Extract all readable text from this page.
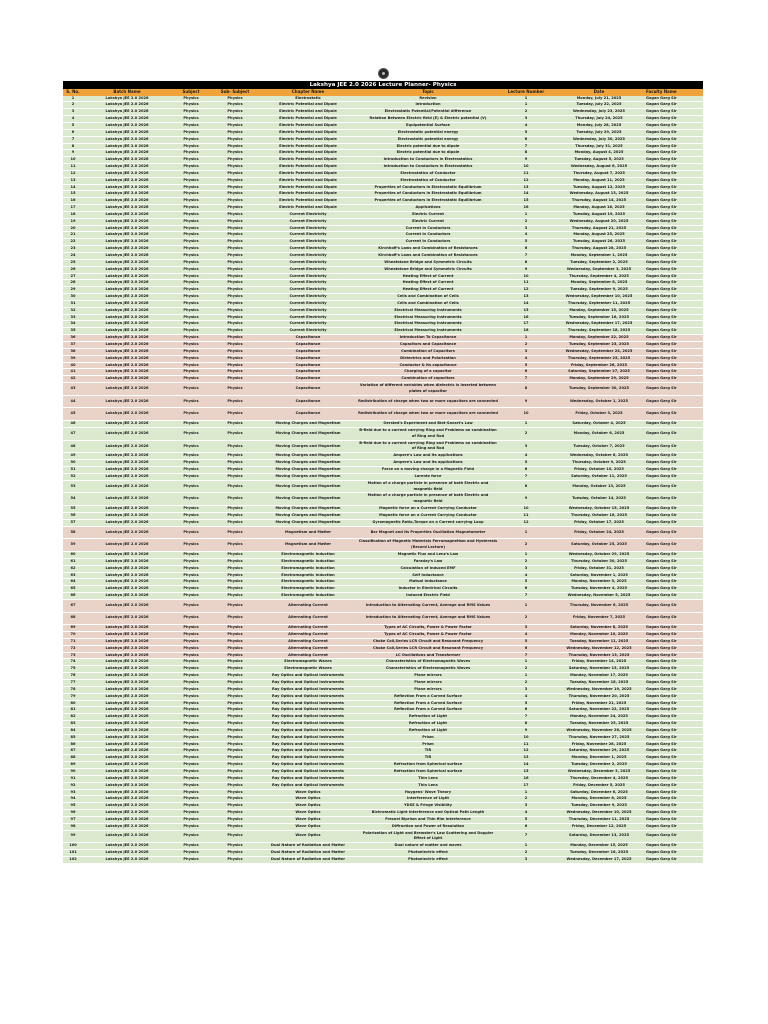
Lakshya JEE 2.0 2026 Lecture Planner- Physics
S. No.	Batch Name	Subject	Sub- Subject	Chapter Name	Topic	Lecture Number	Date	Faculty Name
1	Lakshya JEE 2.0 2026	Physics	Physics	Electrostatic	Revision	1	Monday, July 21, 2025	Gagan Garg Sir
2	Lakshya JEE 2.0 2026	Physics	Physics	Electric Potential and Dipole	Introduction	1	Tuesday, July 22, 2025	Gagan Garg Sir
3	Lakshya JEE 2.0 2026	Physics	Physics	Electric Potential and Dipole	Electrostatic Potential/Potential difference	2	Wednesday, July 23, 2025	Gagan Garg Sir
4	Lakshya JEE 2.0 2026	Physics	Physics	Electric Potential and Dipole	Relation Between Electric field (E) & Electric potential (V)	3	Thursday, July 24, 2025	Gagan Garg Sir
5	Lakshya JEE 2.0 2026	Physics	Physics	Electric Potential and Dipole	Equipotential Surface	4	Monday, July 28, 2025	Gagan Garg Sir
6	Lakshya JEE 2.0 2026	Physics	Physics	Electric Potential and Dipole	Electrostatic potential energy	5	Tuesday, July 29, 2025	Gagan Garg Sir
7	Lakshya JEE 2.0 2026	Physics	Physics	Electric Potential and Dipole	Electrostatic potential energy	6	Wednesday, July 30, 2025	Gagan Garg Sir
8	Lakshya JEE 2.0 2026	Physics	Physics	Electric Potential and Dipole	Electric potential due to dipole	7	Thursday, July 31, 2025	Gagan Garg Sir
9	Lakshya JEE 2.0 2026	Physics	Physics	Electric Potential and Dipole	Electric potential due to dipole	8	Monday, August 4, 2025	Gagan Garg Sir
10	Lakshya JEE 2.0 2026	Physics	Physics	Electric Potential and Dipole	Introduction to Conductors in Electrostatics	9	Tuesday, August 5, 2025	Gagan Garg Sir
11	Lakshya JEE 2.0 2026	Physics	Physics	Electric Potential and Dipole	Introduction to Conductors in Electrostatics	10	Wednesday, August 6, 2025	Gagan Garg Sir
12	Lakshya JEE 2.0 2026	Physics	Physics	Electric Potential and Dipole	Electrostatics of Conductor	11	Thursday, August 7, 2025	Gagan Garg Sir
13	Lakshya JEE 2.0 2026	Physics	Physics	Electric Potential and Dipole	Electrostatics of Conductor	12	Monday, August 11, 2025	Gagan Garg Sir
14	Lakshya JEE 2.0 2026	Physics	Physics	Electric Potential and Dipole	Properties of Conductors in Electrostatic Equilibrium	13	Tuesday, August 12, 2025	Gagan Garg Sir
15	Lakshya JEE 2.0 2026	Physics	Physics	Electric Potential and Dipole	Properties of Conductors in Electrostatic Equilibrium	14	Wednesday, August 13, 2025	Gagan Garg Sir
16	Lakshya JEE 2.0 2026	Physics	Physics	Electric Potential and Dipole	Properties of Conductors in Electrostatic Equilibrium	15	Thursday, August 14, 2025	Gagan Garg Sir
17	Lakshya JEE 2.0 2026	Physics	Physics	Electric Potential and Dipole	Applications	16	Monday, August 18, 2025	Gagan Garg Sir
18	Lakshya JEE 2.0 2026	Physics	Physics	Current Electricity	Electric Current	1	Tuesday, August 19, 2025	Gagan Garg Sir
19	Lakshya JEE 2.0 2026	Physics	Physics	Current Electricity	Electric Current	2	Wednesday, August 20, 2025	Gagan Garg Sir
20	Lakshya JEE 2.0 2026	Physics	Physics	Current Electricity	Current in Conductors	3	Thursday, August 21, 2025	Gagan Garg Sir
21	Lakshya JEE 2.0 2026	Physics	Physics	Current Electricity	Current in Conductors	4	Monday, August 25, 2025	Gagan Garg Sir
22	Lakshya JEE 2.0 2026	Physics	Physics	Current Electricity	Current in Conductors	5	Tuesday, August 26, 2025	Gagan Garg Sir
23	Lakshya JEE 2.0 2026	Physics	Physics	Current Electricity	Kirchhoff's Laws and Combination of Resistances	6	Thursday, August 28, 2025	Gagan Garg Sir
24	Lakshya JEE 2.0 2026	Physics	Physics	Current Electricity	Kirchhoff's Laws and Combination of Resistances	7	Monday, September 1, 2025	Gagan Garg Sir
25	Lakshya JEE 2.0 2026	Physics	Physics	Current Electricity	Wheatstone Bridge and Symmetric Circuits	8	Tuesday, September 2, 2025	Gagan Garg Sir
26	Lakshya JEE 2.0 2026	Physics	Physics	Current Electricity	Wheatstone Bridge and Symmetric Circuits	9	Wednesday, September 3, 2025	Gagan Garg Sir
27	Lakshya JEE 2.0 2026	Physics	Physics	Current Electricity	Heating Effect of Current	10	Thursday, September 4, 2025	Gagan Garg Sir
28	Lakshya JEE 2.0 2026	Physics	Physics	Current Electricity	Heating Effect of Current	11	Monday, September 8, 2025	Gagan Garg Sir
29	Lakshya JEE 2.0 2026	Physics	Physics	Current Electricity	Heating Effect of Current	12	Tuesday, September 9, 2025	Gagan Garg Sir
30	Lakshya JEE 2.0 2026	Physics	Physics	Current Electricity	Cells and Combination of Cells	13	Wednesday, September 10, 2025	Gagan Garg Sir
31	Lakshya JEE 2.0 2026	Physics	Physics	Current Electricity	Cells and Combination of Cells	14	Thursday, September 11, 2025	Gagan Garg Sir
32	Lakshya JEE 2.0 2026	Physics	Physics	Current Electricity	Electrical Measuring Instruments	15	Monday, September 15, 2025	Gagan Garg Sir
33	Lakshya JEE 2.0 2026	Physics	Physics	Current Electricity	Electrical Measuring Instruments	16	Tuesday, September 16, 2025	Gagan Garg Sir
34	Lakshya JEE 2.0 2026	Physics	Physics	Current Electricity	Electrical Measuring Instruments	17	Wednesday, September 17, 2025	Gagan Garg Sir
35	Lakshya JEE 2.0 2026	Physics	Physics	Current Electricity	Electrical Measuring Instruments	18	Thursday, September 18, 2025	Gagan Garg Sir
36	Lakshya JEE 2.0 2026	Physics	Physics	Capacitance	Introduction To Capacitance	1	Monday, September 22, 2025	Gagan Garg Sir
37	Lakshya JEE 2.0 2026	Physics	Physics	Capacitance	Capacitors and Capacitance	2	Tuesday, September 23, 2025	Gagan Garg Sir
38	Lakshya JEE 2.0 2026	Physics	Physics	Capacitance	Combination of Capacitors	3	Wednesday, September 24, 2025	Gagan Garg Sir
39	Lakshya JEE 2.0 2026	Physics	Physics	Capacitance	Dielectrics and Polarization	4	Thursday, September 25, 2025	Gagan Garg Sir
40	Lakshya JEE 2.0 2026	Physics	Physics	Capacitance	Conductor & its capacitance	5	Friday, September 26, 2025	Gagan Garg Sir
41	Lakshya JEE 2.0 2026	Physics	Physics	Capacitance	Charging of a capacitor	6	Saturday, September 27, 2025	Gagan Garg Sir
42	Lakshya JEE 2.0 2026	Physics	Physics	Capacitance	Combination of capacitors	7	Monday, September 29, 2025	Gagan Garg Sir
43	Lakshya JEE 2.0 2026	Physics	Physics	Capacitance	Variation of different variables when dielectric is inserted between plates of capacitor	8	Tuesday, September 30, 2025	Gagan Garg Sir
44	Lakshya JEE 2.0 2026	Physics	Physics	Capacitance	Redistribution of charge when two or more capacitors are connected	9	Wednesday, October 1, 2025	Gagan Garg Sir
45	Lakshya JEE 2.0 2026	Physics	Physics	Capacitance	Redistribution of charge when two or more capacitors are connected	10	Friday, October 3, 2025	Gagan Garg Sir
46	Lakshya JEE 2.0 2026	Physics	Physics	Moving Charges and Magnetism	Oersted's Experiment and Biot-Savart's Law	1	Saturday, October 4, 2025	Gagan Garg Sir
47	Lakshya JEE 2.0 2026	Physics	Physics	Moving Charges and Magnetism	B-field due to a current carrying Ring and Problems on combination of Ring and Rod	2	Monday, October 6, 2025	Gagan Garg Sir
48	Lakshya JEE 2.0 2026	Physics	Physics	Moving Charges and Magnetism	B-field due to a current carrying Ring and Problems on combination of Ring and Rod	3	Tuesday, October 7, 2025	Gagan Garg Sir
49	Lakshya JEE 2.0 2026	Physics	Physics	Moving Charges and Magnetism	Ampere's Law and its applications	4	Wednesday, October 8, 2025	Gagan Garg Sir
50	Lakshya JEE 2.0 2026	Physics	Physics	Moving Charges and Magnetism	Ampere's Law and its applications	5	Thursday, October 9, 2025	Gagan Garg Sir
51	Lakshya JEE 2.0 2026	Physics	Physics	Moving Charges and Magnetism	Force on a moving charge in a Magnetic Field	6	Friday, October 10, 2025	Gagan Garg Sir
52	Lakshya JEE 2.0 2026	Physics	Physics	Moving Charges and Magnetism	Lorentz force	7	Saturday, October 11, 2025	Gagan Garg Sir
53	Lakshya JEE 2.0 2026	Physics	Physics	Moving Charges and Magnetism	Motion of a charge particle in presence of both Electric and magnetic field	8	Monday, October 13, 2025	Gagan Garg Sir
54	Lakshya JEE 2.0 2026	Physics	Physics	Moving Charges and Magnetism	Motion of a charge particle in presence of both Electric and magnetic field	9	Tuesday, October 14, 2025	Gagan Garg Sir
55	Lakshya JEE 2.0 2026	Physics	Physics	Moving Charges and Magnetism	Magnetic force on a Current Carrying Conductor	10	Wednesday, October 15, 2025	Gagan Garg Sir
56	Lakshya JEE 2.0 2026	Physics	Physics	Moving Charges and Magnetism	Magnetic force on a Current Carrying Conductor	11	Thursday, October 16, 2025	Gagan Garg Sir
57	Lakshya JEE 2.0 2026	Physics	Physics	Moving Charges and Magnetism	Gyromagnetic Ratio,Torque on a Current carrying Loop	12	Friday, October 17, 2025	Gagan Garg Sir
58	Lakshya JEE 2.0 2026	Physics	Physics	Magnetism and Matter	Bar Magnet and its Properties Oscillation Magnetometer	1	Friday, October 24, 2025	Gagan Garg Sir
59	Lakshya JEE 2.0 2026	Physics	Physics	Magnetism and Matter	Classification of Magnetic Materials Ferromagnetism and Hysteresis (Record Lecture)	2	Saturday, October 25, 2025	Gagan Garg Sir
60	Lakshya JEE 2.0 2026	Physics	Physics	Electromagnetic Induction	Magnetic Flux and Lenz's Law	1	Wednesday, October 29, 2025	Gagan Garg Sir
61	Lakshya JEE 2.0 2026	Physics	Physics	Electromagnetic Induction	Faraday's Law	2	Thursday, October 30, 2025	Gagan Garg Sir
62	Lakshya JEE 2.0 2026	Physics	Physics	Electromagnetic Induction	Calculation of Induced EMF	3	Friday, October 31, 2025	Gagan Garg Sir
63	Lakshya JEE 2.0 2026	Physics	Physics	Electromagnetic Induction	Self Inductance	4	Saturday, November 1, 2025	Gagan Garg Sir
64	Lakshya JEE 2.0 2026	Physics	Physics	Electromagnetic Induction	Mutual Inductance	5	Monday, November 3, 2025	Gagan Garg Sir
65	Lakshya JEE 2.0 2026	Physics	Physics	Electromagnetic Induction	Inductor in Electrical Circuits	6	Tuesday, November 4, 2025	Gagan Garg Sir
66	Lakshya JEE 2.0 2026	Physics	Physics	Electromagnetic Induction	Induced Electric Field	7	Wednesday, November 5, 2025	Gagan Garg Sir
67	Lakshya JEE 2.0 2026	Physics	Physics	Alternating Current	Introduction to Alternating Current, Average and RMS Values	1	Thursday, November 6, 2025	Gagan Garg Sir
68	Lakshya JEE 2.0 2026	Physics	Physics	Alternating Current	Introduction to Alternating Current, Average and RMS Values	2	Friday, November 7, 2025	Gagan Garg Sir
69	Lakshya JEE 2.0 2026	Physics	Physics	Alternating Current	Types of AC Circuits, Power & Power Factor	3	Saturday, November 8, 2025	Gagan Garg Sir
70	Lakshya JEE 2.0 2026	Physics	Physics	Alternating Current	Types of AC Circuits, Power & Power Factor	4	Monday, November 10, 2025	Gagan Garg Sir
71	Lakshya JEE 2.0 2026	Physics	Physics	Alternating Current	Choke Coil,Series LCR Circuit and Resonant Frequency	5	Tuesday, November 11, 2025	Gagan Garg Sir
72	Lakshya JEE 2.0 2026	Physics	Physics	Alternating Current	Choke Coil,Series LCR Circuit and Resonant Frequency	6	Wednesday, November 12, 2025	Gagan Garg Sir
73	Lakshya JEE 2.0 2026	Physics	Physics	Alternating Current	LC Oscillations and Transformer	7	Thursday, November 13, 2025	Gagan Garg Sir
74	Lakshya JEE 2.0 2026	Physics	Physics	Electromagnetic Waves	Characteristics of Electromagnetic Waves	1	Friday, November 14, 2025	Gagan Garg Sir
75	Lakshya JEE 2.0 2026	Physics	Physics	Electromagnetic Waves	Characteristics of Electromagnetic Waves	2	Saturday, November 15, 2025	Gagan Garg Sir
76	Lakshya JEE 2.0 2026	Physics	Physics	Ray Optics and Optical Instruments	Plane mirrors	1	Monday, November 17, 2025	Gagan Garg Sir
77	Lakshya JEE 2.0 2026	Physics	Physics	Ray Optics and Optical Instruments	Plane mirrors	2	Tuesday, November 18, 2025	Gagan Garg Sir
78	Lakshya JEE 2.0 2026	Physics	Physics	Ray Optics and Optical Instruments	Plane mirrors	3	Wednesday, November 19, 2025	Gagan Garg Sir
79	Lakshya JEE 2.0 2026	Physics	Physics	Ray Optics and Optical Instruments	Reflection From a Curved Surface	4	Thursday, November 20, 2025	Gagan Garg Sir
80	Lakshya JEE 2.0 2026	Physics	Physics	Ray Optics and Optical Instruments	Reflection From a Curved Surface	5	Friday, November 21, 2025	Gagan Garg Sir
81	Lakshya JEE 2.0 2026	Physics	Physics	Ray Optics and Optical Instruments	Reflection From a Curved Surface	6	Saturday, November 22, 2025	Gagan Garg Sir
82	Lakshya JEE 2.0 2026	Physics	Physics	Ray Optics and Optical Instruments	Refraction of Light	7	Monday, November 24, 2025	Gagan Garg Sir
83	Lakshya JEE 2.0 2026	Physics	Physics	Ray Optics and Optical Instruments	Refraction of Light	8	Tuesday, November 25, 2025	Gagan Garg Sir
84	Lakshya JEE 2.0 2026	Physics	Physics	Ray Optics and Optical Instruments	Refraction of Light	9	Wednesday, November 26, 2025	Gagan Garg Sir
85	Lakshya JEE 2.0 2026	Physics	Physics	Ray Optics and Optical Instruments	Prism	10	Thursday, November 27, 2025	Gagan Garg Sir
86	Lakshya JEE 2.0 2026	Physics	Physics	Ray Optics and Optical Instruments	Prism	11	Friday, November 28, 2025	Gagan Garg Sir
87	Lakshya JEE 2.0 2026	Physics	Physics	Ray Optics and Optical Instruments	TIR	12	Saturday, November 29, 2025	Gagan Garg Sir
88	Lakshya JEE 2.0 2026	Physics	Physics	Ray Optics and Optical Instruments	TIR	13	Monday, December 1, 2025	Gagan Garg Sir
89	Lakshya JEE 2.0 2026	Physics	Physics	Ray Optics and Optical Instruments	Refraction from Spherical surface	14	Tuesday, December 2, 2025	Gagan Garg Sir
90	Lakshya JEE 2.0 2026	Physics	Physics	Ray Optics and Optical Instruments	Refraction from Spherical surface	15	Wednesday, December 3, 2025	Gagan Garg Sir
91	Lakshya JEE 2.0 2026	Physics	Physics	Ray Optics and Optical Instruments	Thin Lens	16	Thursday, December 4, 2025	Gagan Garg Sir
92	Lakshya JEE 2.0 2026	Physics	Physics	Ray Optics and Optical Instruments	Thin Lens	17	Friday, December 5, 2025	Gagan Garg Sir
93	Lakshya JEE 2.0 2026	Physics	Physics	Wave Optics	Huygens' Wave Theory	1	Saturday, December 6, 2025	Gagan Garg Sir
94	Lakshya JEE 2.0 2026	Physics	Physics	Wave Optics	Interference of Light	2	Monday, December 8, 2025	Gagan Garg Sir
95	Lakshya JEE 2.0 2026	Physics	Physics	Wave Optics	YDSE & Fringe Visibility	3	Tuesday, December 9, 2025	Gagan Garg Sir
96	Lakshya JEE 2.0 2026	Physics	Physics	Wave Optics	Bichromatic Light Interference and Optical Path Length	4	Wednesday, December 10, 2025	Gagan Garg Sir
97	Lakshya JEE 2.0 2026	Physics	Physics	Wave Optics	Fresnel Biprism and Thin film interference	5	Thursday, December 11, 2025	Gagan Garg Sir
98	Lakshya JEE 2.0 2026	Physics	Physics	Wave Optics	Diffraction and Power of Resolution	6	Friday, December 12, 2025	Gagan Garg Sir
99	Lakshya JEE 2.0 2026	Physics	Physics	Wave Optics	Polarization of Light and Brewster's Law Scattering and Doppler Effect of Light	7	Saturday, December 13, 2025	Gagan Garg Sir
100	Lakshya JEE 2.0 2026	Physics	Physics	Dual Nature of Radiation and Matter	Dual nature of matter and waves	1	Monday, December 15, 2025	Gagan Garg Sir
101	Lakshya JEE 2.0 2026	Physics	Physics	Dual Nature of Radiation and Matter	Photoelectric effect	2	Tuesday, December 16, 2025	Gagan Garg Sir
102	Lakshya JEE 2.0 2026	Physics	Physics	Dual Nature of Radiation and Matter	Photoelectric effect	3	Wednesday, December 17, 2025	Gagan Garg Sir
